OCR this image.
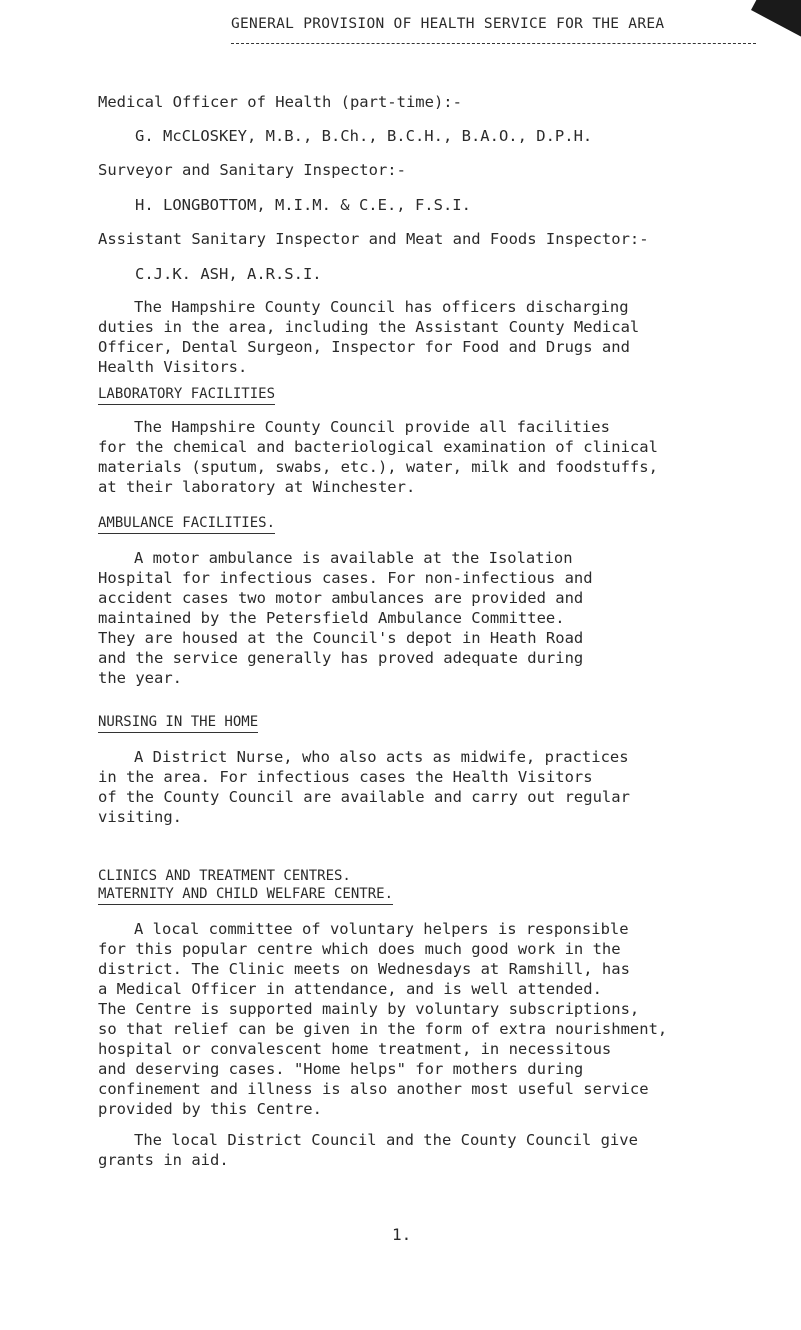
GENERAL PROVISION OF HEALTH SERVICE FOR THE AREA
Medical Officer of Health (part-time):-
G. McCLOSKEY, M.B., B.Ch., B.C.H., B.A.O., D.P.H.
Surveyor and Sanitary Inspector:-
H. LONGBOTTOM, M.I.M. & C.E., F.S.I.
Assistant Sanitary Inspector and Meat and Foods Inspector:-
C.J.K. ASH, A.R.S.I.
The Hampshire County Council has officers discharging
duties in the area, including the Assistant County Medical
Officer, Dental Surgeon, Inspector for Food and Drugs and
Health Visitors.
LABORATORY FACILITIES
The Hampshire County Council provide all facilities
for the chemical and bacteriological examination of clinical
materials (sputum, swabs, etc.), water, milk and foodstuffs,
at their laboratory at Winchester.
AMBULANCE FACILITIES.
A motor ambulance is available at the Isolation
Hospital for infectious cases. For non-infectious and
accident cases two motor ambulances are provided and
maintained by the Petersfield Ambulance Committee.
They are housed at the Council's depot in Heath Road
and the service generally has proved adequate during
the year.
NURSING IN THE HOME
A District Nurse, who also acts as midwife, practices
in the area. For infectious cases the Health Visitors
of the County Council are available and carry out regular
visiting.
CLINICS AND TREATMENT CENTRES.
MATERNITY AND CHILD WELFARE CENTRE.
A local committee of voluntary helpers is responsible
for this popular centre which does much good work in the
district. The Clinic meets on Wednesdays at Ramshill, has
a Medical Officer in attendance, and is well attended.
The Centre is supported mainly by voluntary subscriptions,
so that relief can be given in the form of extra nourishment,
hospital or convalescent home treatment, in necessitous
and deserving cases. "Home helps" for mothers during
confinement and illness is also another most useful service
provided by this Centre.
The local District Council and the County Council give
grants in aid.
1.
